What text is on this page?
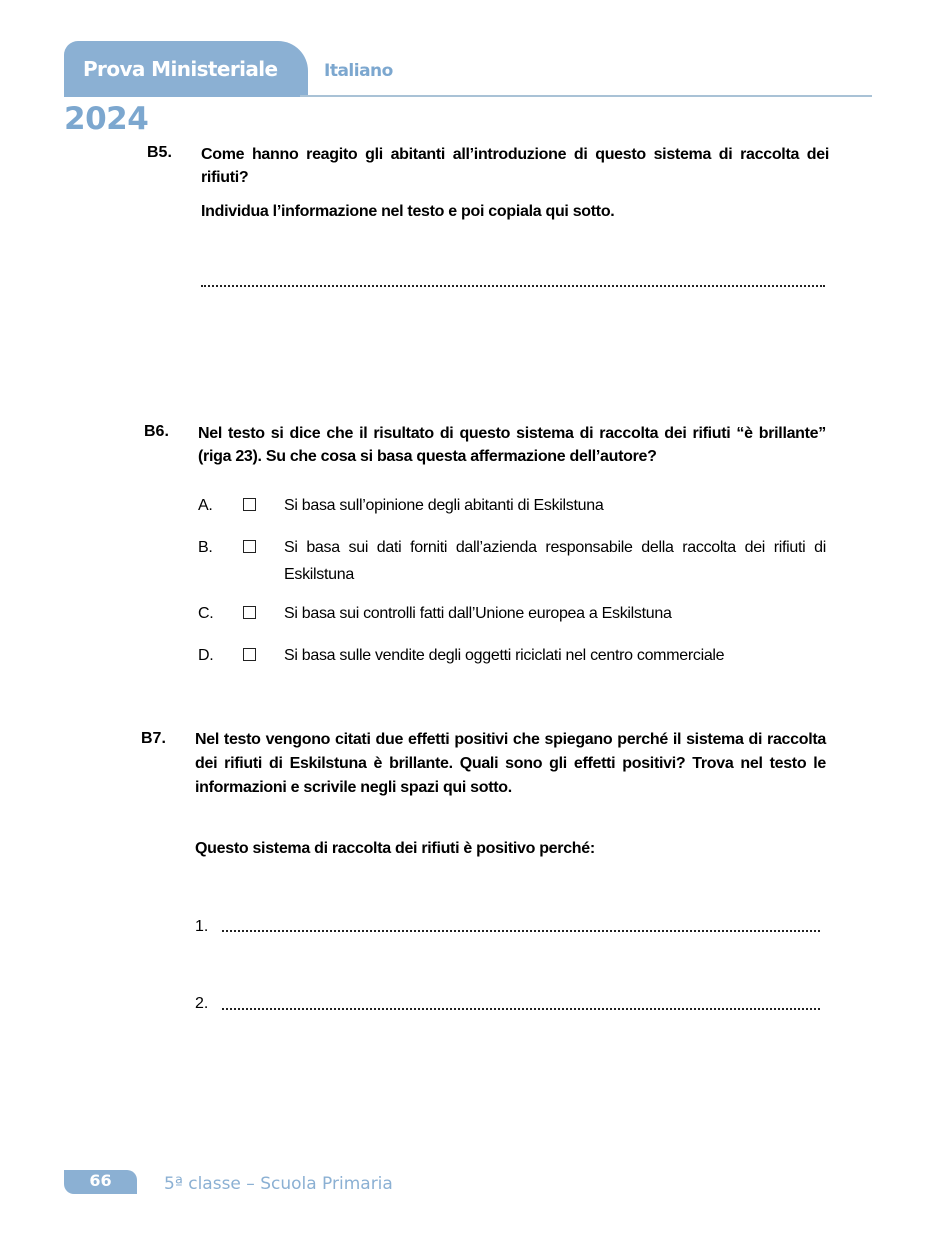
Prova Ministeriale	Italiano
2024
B5. Come hanno reagito gli abitanti all’introduzione di questo sistema di raccolta dei rifiuti?
Individua l’informazione nel testo e poi copiala qui sotto.
B6. Nel testo si dice che il risultato di questo sistema di raccolta dei rifiuti “è brillante” (riga 23). Su che cosa si basa questa affermazione dell’autore?
A.	Si basa sull’opinione degli abitanti di Eskilstuna
B.	Si basa sui dati forniti dall’azienda responsabile della raccolta dei rifiuti di Eskilstuna
C.	Si basa sui controlli fatti dall’Unione europea a Eskilstuna
D.	Si basa sulle vendite degli oggetti riciclati nel centro commerciale
B7. Nel testo vengono citati due effetti positivi che spiegano perché il sistema di raccolta dei rifiuti di Eskilstuna è brillante. Quali sono gli effetti positivi? Trova nel testo le informazioni e scrivile negli spazi qui sotto.
Questo sistema di raccolta dei rifiuti è positivo perché:
1.
2.
66	5ª classe – Scuola Primaria
